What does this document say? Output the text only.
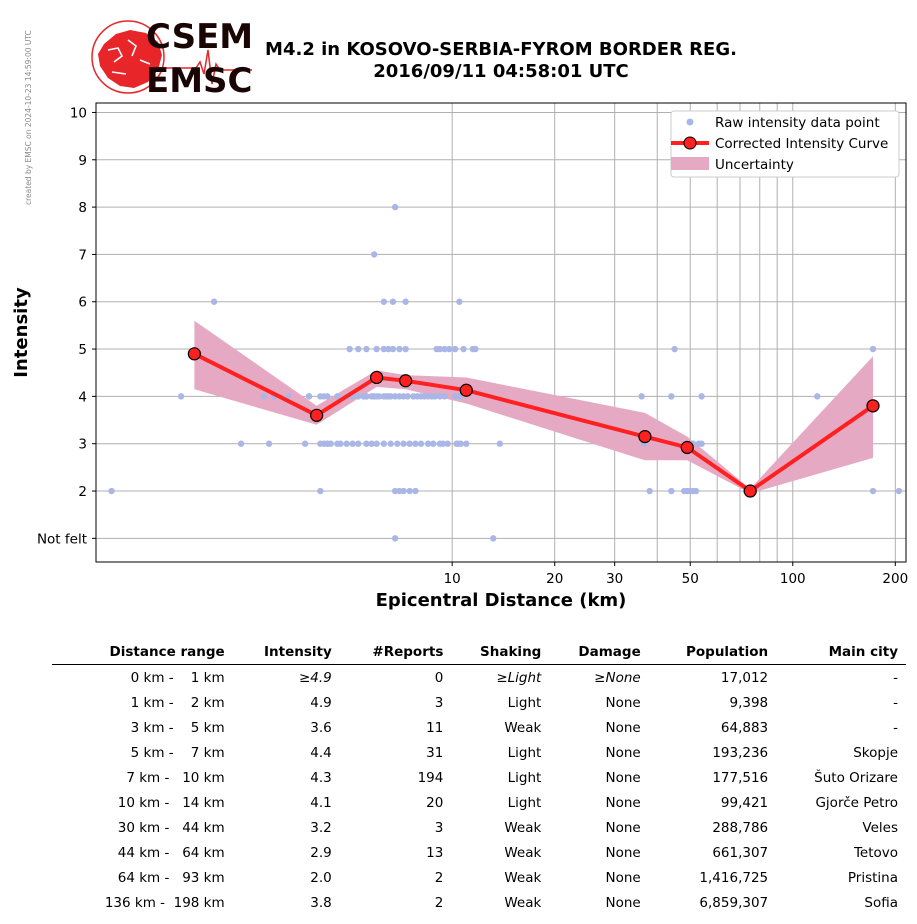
created by EMSC on 2024-10-23 14:59:00 UTC	CSEM
EMSC
M4.2 in KOSOVO-SERBIA-FYROM BORDER REG.
2016/09/11 04:58:01 UTC
10	20	30	50	100	200
Not felt
2
3
4
5
6
7
8
9
10
Epicentral Distance (km)
Intensity
Raw intensity data point
Corrected Intensity Curve
Uncertainty
Distance range	Intensity	#Reports	Shaking	Damage	Population	Main city
0 km -    1 km	≥4.9	0	≥Light	≥None	17,012	-
1 km -    2 km	4.9	3	Light	None	9,398	-
3 km -    5 km	3.6	11	Weak	None	64,883	-
5 km -    7 km	4.4	31	Light	None	193,236	Skopje
7 km -   10 km	4.3	194	Light	None	177,516	Šuto Orizare
10 km -   14 km	4.1	20	Light	None	99,421	Gjorče Petro
30 km -   44 km	3.2	3	Weak	None	288,786	Veles
44 km -   64 km	2.9	13	Weak	None	661,307	Tetovo
64 km -   93 km	2.0	2	Weak	None	1,416,725	Pristina
136 km -  198 km	3.8	2	Weak	None	6,859,307	Sofia
